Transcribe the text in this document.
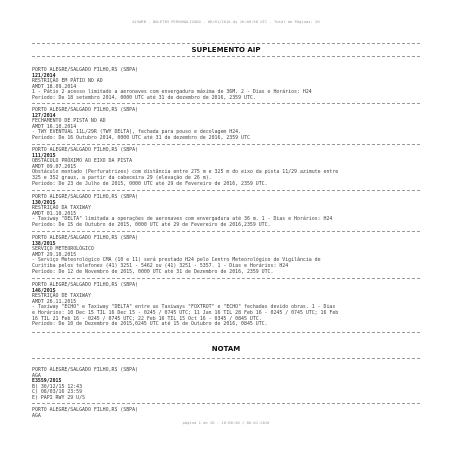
AISWEB - BOLETIM PERSONALIZADO - 06/01/2016 ás 16:00:58 UTC - Total de Páginas: 20
SUPLEMENTO AIP
PORTO ALEGRE/SALGADO FILHO,RS (SBPA)
121/2014
RESTRIÇÃO EM PÁTIO NO AD
AMDT 18.09.2014
1 - Pátio 2 acesso limitado a aeronaves com envergadura máxima de 36M. 2 - Dias e Horários: H24
Período: De 18 setembro 2014, 0000 UTC até 31 de dezembro de 2016, 2359 UTC.
PORTO ALEGRE/SALGADO FILHO,RS (SBPA)
127/2014
FECHAMENTO DE PISTA NO AD
AMDT 16.10.2014
- TWY EVENTUAL 11L/29R (TWY DELTA), fechada para pouso e decolagem H24.
Período: De 16 Outubro 2014, 0000 UTC até 31 de dezembro de 2016, 2359 UTC
PORTO ALEGRE/SALGADO FILHO,RS (SBPA)
111/2015
OBSTÁCULO PRÓXIMO AO EIXO DA PISTA
AMDT 09.07.2015
Obstáculo montado (Perfuratrizes) com distância entre 275 m e 325 m do eixo da pista 11/29 azimute entre
325 e 352 graus, a partir da cabeceira 29 (elevação de 26 m).
Período: De 23 de Julho de 2015, 0000 UTC até 29 de Fevereiro de 2016, 2359 UTC.
PORTO ALEGRE/SALGADO FILHO,RS (SBPA)
130/2015
RESTRIÇÃO DA TAXIWAY
AMDT 01.10.2015
- Taxiway "DELTA" limitada a operações de aeronaves com envergadura até 36 m. 1 - Dias e Horários: H24
Período: De 15 de Outubro de 2015, 0000 UTC até 29 de Fevereiro de 2016,2359 UTC.
PORTO ALEGRE/SALGADO FILHO,RS (SBPA)
138/2015
SERVIÇO METEOROLÓGICO
AMDT 29.10.2015
- Serviço Meteorológico CMA (10 e 11) será prestado H24 pelo Centro Meteorológico de Vigilância de
Curitiba pelos telefones (41) 3251 - 5462 ou (41) 3251 - 5357. 1 - Dias e Horários: H24
Período: De 12 de Novembro de 2015, 0000 UTC até 31 de Dezembro de 2016, 2359 UTC.
PORTO ALEGRE/SALGADO FILHO,RS (SBPA)
146/2015
RESTRIÇÃO DE TAXIWAY
AMDT 26.11.2015
- Taxiway "ECHO" e Taxiway "DELTA" entre as Taxiways "FOXTROT" e "ECHO" fechadas devido obras. 1 - Dias
e Horários: 10 Dec 15 TIL 16 Dec 15 - 0245 / 0745 UTC; 11 Jan 16 TIL 28 Feb 16 - 0245 / 0745 UTC; 16 Feb
16 TIL 21 Feb 16 - 0245 / 0745 UTC; 22 Feb 16 TIL 15 Oct 16 - 0345 / 0845 UTC.
Período: De 10 de Dezembro de 2015,0245 UTC até 15 de Outubro de 2016, 0845 UTC.
NOTAM
PORTO ALEGRE/SALGADO FILHO,RS (SBPA)
AGA
E3559/2015
B) 30/12/15 12:43
C) 08/03/16 23:59
E) PAPI RWY 29 U/S
PORTO ALEGRE/SALGADO FILHO,RS (SBPA)
AGA
página 1 de 20 - 16:00:58 / 06.01.2016
